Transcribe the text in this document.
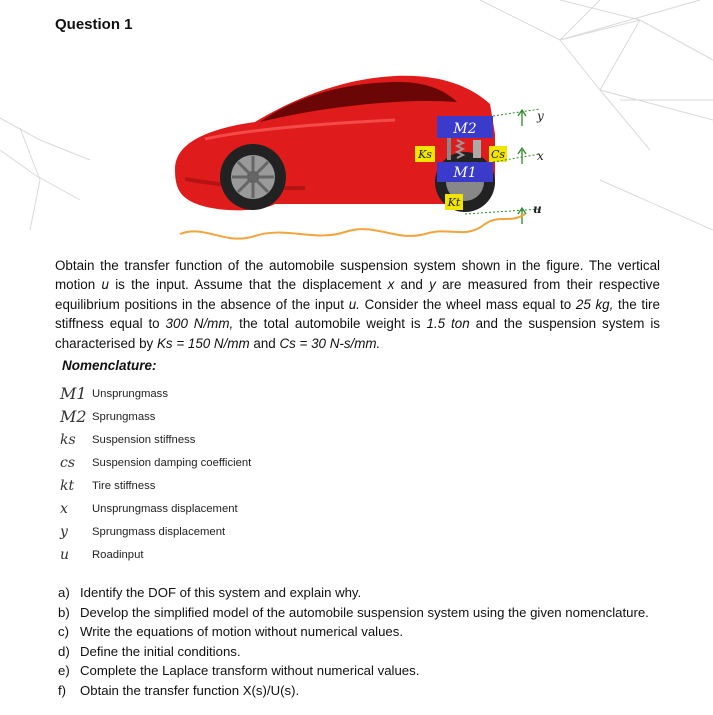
Question 1
M2
Cs
Ks
M1
Kt
y
x
u
Obtain the transfer function of the automobile suspension system shown in the figure. The vertical motion u is the input. Assume that the displacement x and y are measured from their respective equilibrium positions in the absence of the input u. Consider the wheel mass equal to 25 kg, the tire stiffness equal to 300 N/mm, the total automobile weight is 1.5 ton and the suspension system is characterised by Ks = 150 N/mm and Cs = 30 N-s/mm.
Nomenclature:
M1 Unsprungmass
M2 Sprungmass
ks	Suspension stiffness
cs	Suspension damping coefficient
kt	Tire stiffness
x	Unsprungmass displacement
y	Sprungmass displacement
u	Roadinput
a) Identify the DOF of this system and explain why.
b) Develop the simplified model of the automobile suspension system using the given nomenclature.
c) Write the equations of motion without numerical values.
d) Define the initial conditions.
e) Complete the Laplace transform without numerical values.
f)	Obtain the transfer function X(s)/U(s).
